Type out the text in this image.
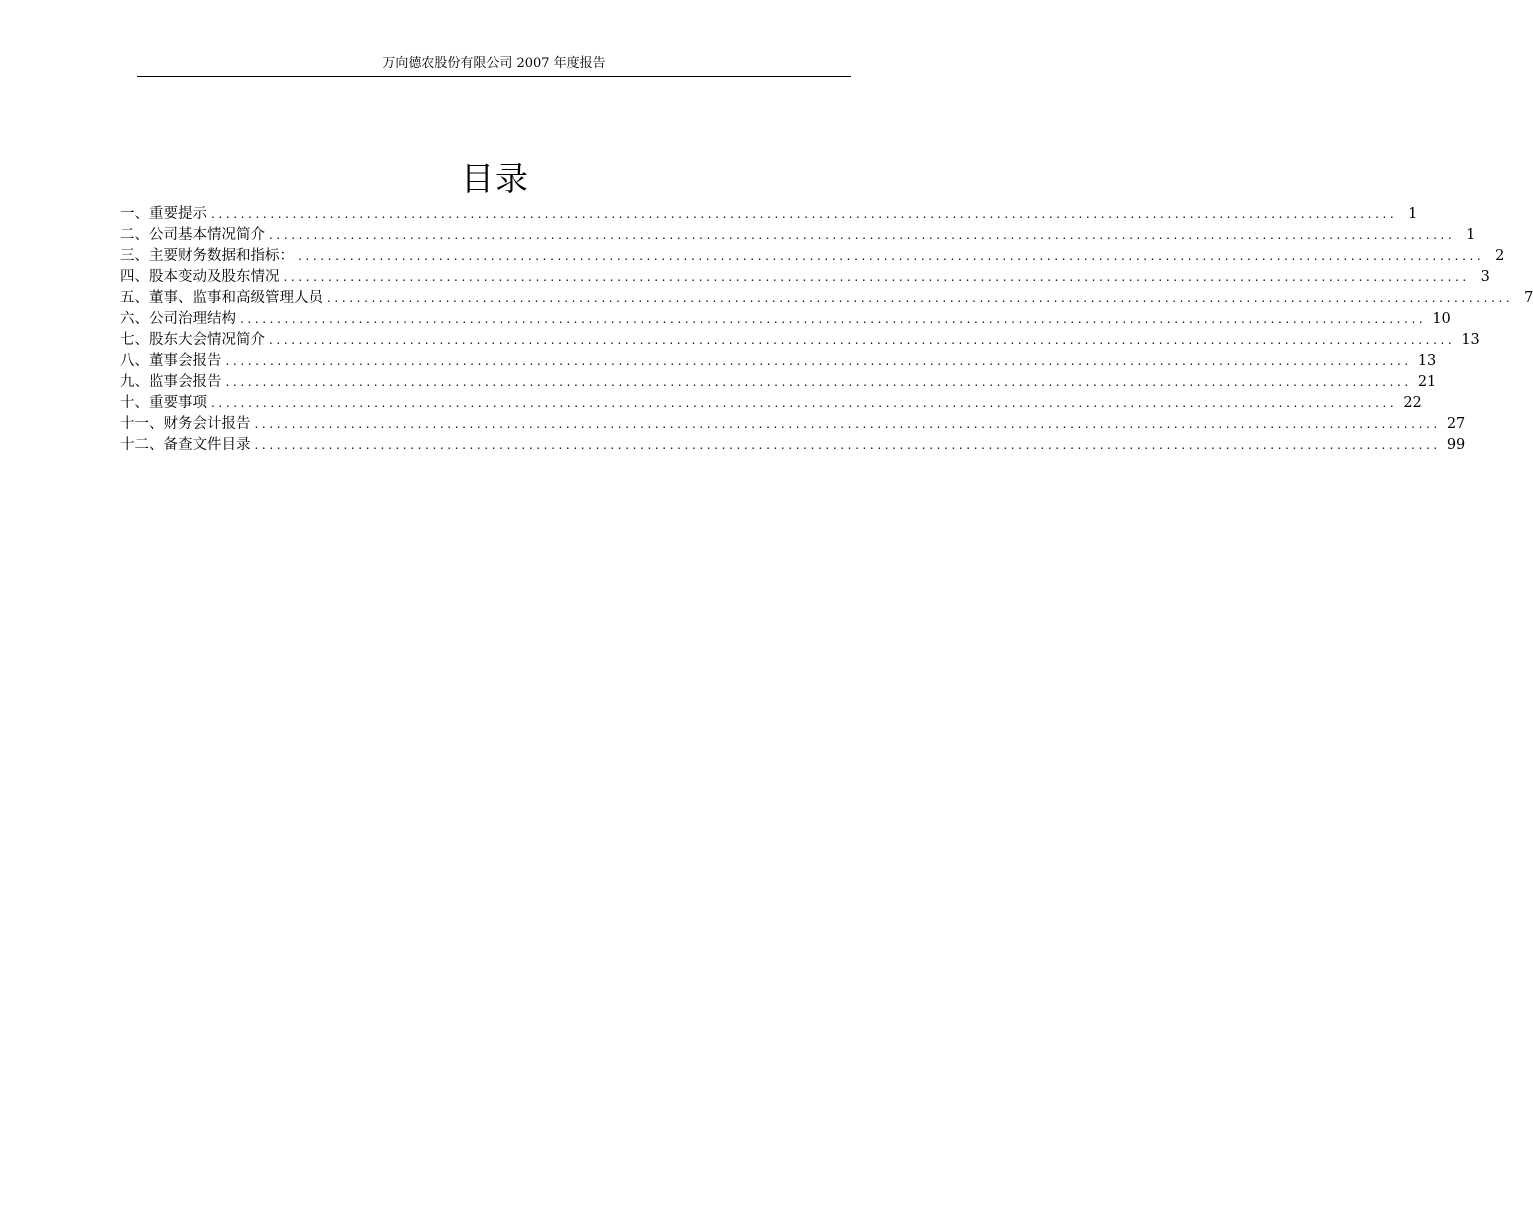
万向德农股份有限公司 2007 年度报告
目录
一、重要提示 ................................................................................................................................................................ 1
二、公司基本情况简介 ................................................................................................................................................................ 1
三、主要财务数据和指标： ................................................................................................................................................................ 2
四、股本变动及股东情况 ................................................................................................................................................................ 3
五、董事、监事和高级管理人员 ................................................................................................................................................................ 7
六、公司治理结构 ................................................................................................................................................................ 10
七、股东大会情况简介 ................................................................................................................................................................ 13
八、董事会报告 ................................................................................................................................................................ 13
九、监事会报告 ................................................................................................................................................................ 21
十、重要事项 ................................................................................................................................................................ 22
十一、财务会计报告 ................................................................................................................................................................ 27
十二、备查文件目录 ................................................................................................................................................................ 99
